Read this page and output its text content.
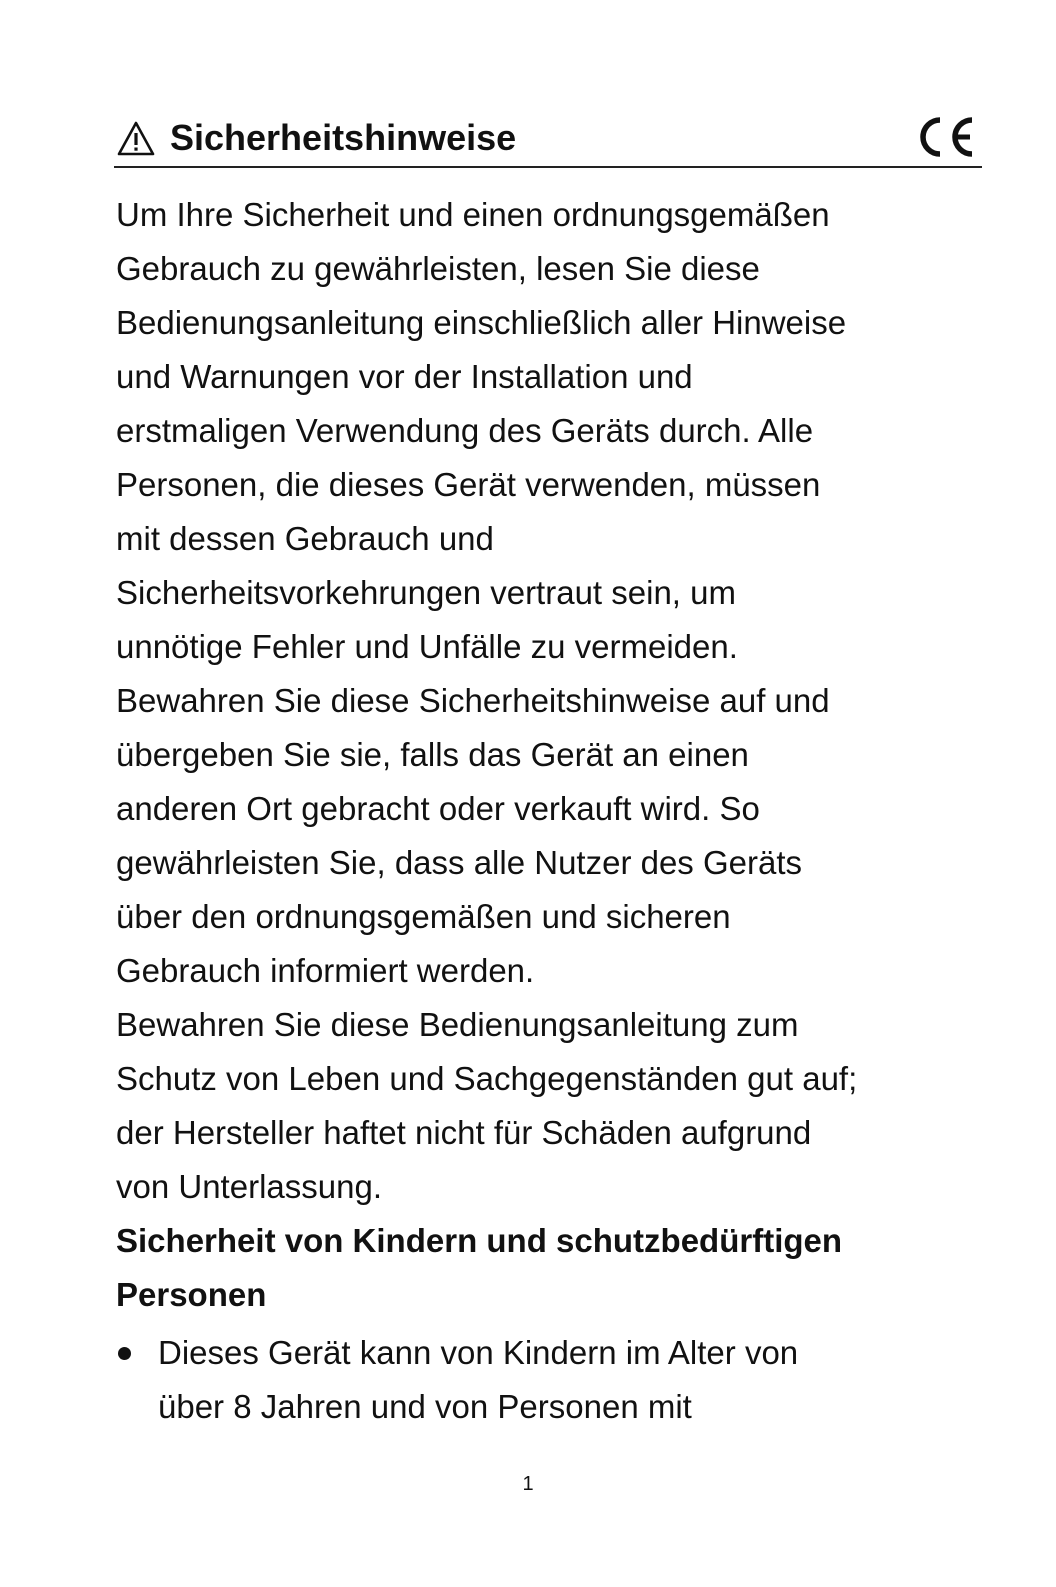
Sicherheitshinweise

Um Ihre Sicherheit und einen ordnungsgemäßen
Gebrauch zu gewährleisten, lesen Sie diese
Bedienungsanleitung einschließlich aller Hinweise
und Warnungen vor der Installation und
erstmaligen Verwendung des Geräts durch. Alle
Personen, die dieses Gerät verwenden, müssen
mit dessen Gebrauch und
Sicherheitsvorkehrungen vertraut sein, um
unnötige Fehler und Unfälle zu vermeiden.
Bewahren Sie diese Sicherheitshinweise auf und
übergeben Sie sie, falls das Gerät an einen
anderen Ort gebracht oder verkauft wird. So
gewährleisten Sie, dass alle Nutzer des Geräts
über den ordnungsgemäßen und sicheren
Gebrauch informiert werden.

Bewahren Sie diese Bedienungsanleitung zum
Schutz von Leben und Sachgegenständen gut auf;
der Hersteller haftet nicht für Schäden aufgrund
von Unterlassung.

Sicherheit von Kindern und schutzbedürftigen
Personen
Dieses Gerät kann von Kindern im Alter von
über 8 Jahren und von Personen mit
1
